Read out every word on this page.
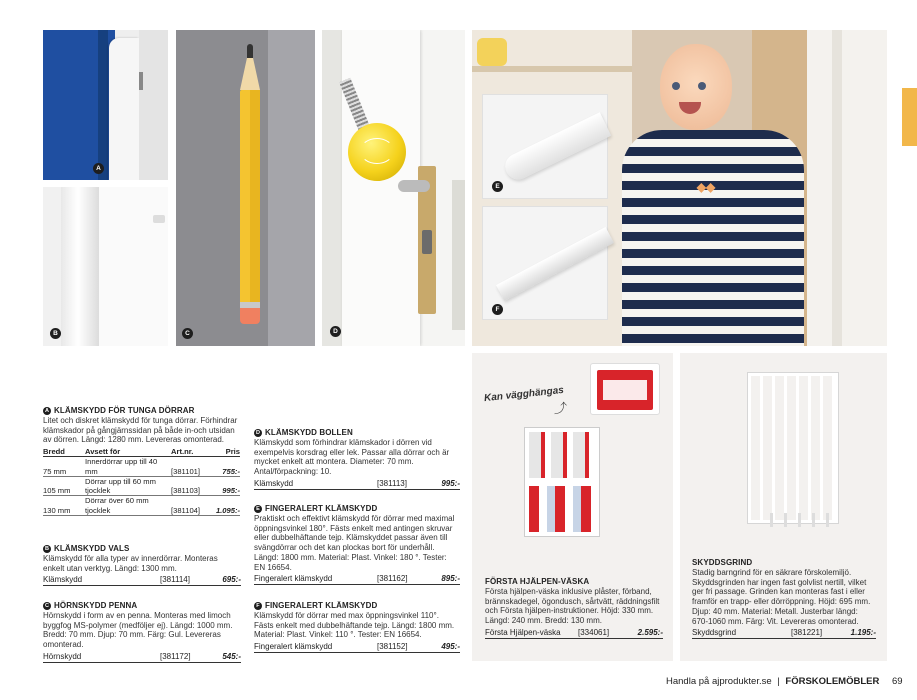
A
B	C	D
◆◆
E
F
Kan vägghängas
⤴
A KLÄMSKYDD FÖR TUNGA DÖRRAR
Litet och diskret klämskydd för tunga dörrar. Förhindrar klämskador på gångjärnssidan på både in-och utsidan av dörren. Längd: 1280 mm. Levereras omonterad.
Bredd	Avsett för	Art.nr.	Pris
75 mm	Innerdörrar upp till 40 mm	[381101]	755:-
105 mm	Dörrar upp till 60 mm tjocklek	[381103]	995:-
130 mm	Dörrar över 60 mm tjocklek	[381104]	1.095:-
B KLÄMSKYDD VALS
Klämskydd för alla typer av innerdörrar. Monteras enkelt utan verktyg. Längd: 1300 mm.
Klämskydd	[381114]	695:-
C HÖRNSKYDD PENNA
Hörnskydd i form av en penna. Monteras med limoch byggfog MS-polymer (medföljer ej). Längd: 1000 mm. Bredd: 70 mm. Djup: 70 mm. Färg: Gul. Levereras omonterad.
Hörnskydd	[381172]	545:-
D KLÄMSKYDD BOLLEN
Klämskydd som förhindrar klämskador i dörren vid exempelvis korsdrag eller lek. Passar alla dörrar och är mycket enkelt att montera. Diameter: 70 mm. Antal/förpackning: 10.
Klämskydd	[381113]	995:-
E FINGERALERT KLÄMSKYDD
Praktiskt och effektivt klämskydd för dörrar med maximal öppningsvinkel 180°. Fästs enkelt med antingen skruvar eller dubbelhäftande tejp. Klämskyddet passar även till svängdörrar och det kan plockas bort för underhåll. Längd: 1800 mm. Material: Plast. Vinkel: 180 °. Tester: EN 16654.
Fingeralert klämskydd	[381162]	895:-
F FINGERALERT KLÄMSKYDD
Klämskydd för dörrar med max öppningsvinkel 110°. Fästs enkelt med dubbelhäftande tejp. Längd: 1800 mm. Material: Plast. Vinkel: 110 °. Tester: EN 16654.
Fingeralert klämskydd	[381152]	495:-
FÖRSTA HJÄLPEN-VÄSKA
Första hjälpen-väska inklusive plåster, förband, brännskadegel, ögondusch, sårtvätt, räddningsfilt och Första hjälpen-instruktioner. Höjd: 330 mm. Längd: 240 mm. Bredd: 130 mm.
Första Hjälpen-väska [334061]	2.595:-
SKYDDSGRIND
Stadig barngrind för en säkrare förskolemiljö. Skyddsgrinden har ingen fast golvlist nertill, vilket ger fri passage. Grinden kan monteras fast i eller framför en trapp- eller dörröppning. Höjd: 695 mm. Djup: 40 mm. Material: Metall. Justerbar längd: 670-1060 mm. Färg: Vit. Levereras omonterad.
Skyddsgrind	[381221]	1.195:-
Handla på ajprodukter.se | FÖRSKOLEMÖBLER 69
